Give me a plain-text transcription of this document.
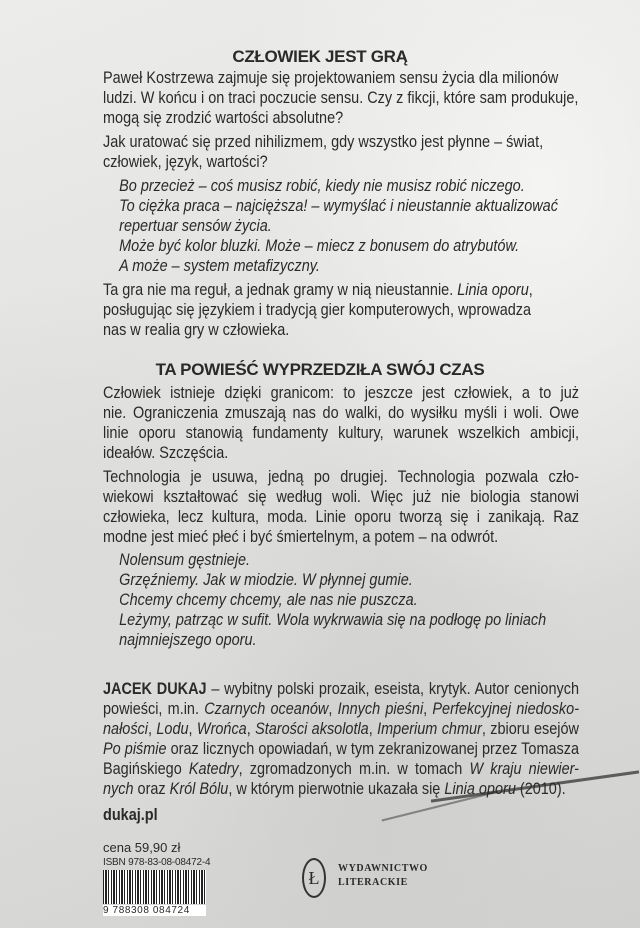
CZŁOWIEK JEST GRĄ
Paweł Kostrzewa zajmuje się projektowaniem sensu życia dla milionów
ludzi. W końcu i on traci poczucie sensu. Czy z fikcji, które sam produkuje,
mogą się zrodzić wartości absolutne?
Jak uratować się przed nihilizmem, gdy wszystko jest płynne – świat,
człowiek, język, wartości?
Bo przecież – coś musisz robić, kiedy nie musisz robić niczego.
To ciężka praca – najcięższa! – wymyślać i nieustannie aktualizować
repertuar sensów życia.
Może być kolor bluzki. Może – miecz z bonusem do atrybutów.
A może – system metafizyczny.
Ta gra nie ma reguł, a jednak gramy w nią nieustannie. Linia oporu,
posługując się językiem i tradycją gier komputerowych, wprowadza
nas w realia gry w człowieka.
TA POWIEŚĆ WYPRZEDZIŁA SWÓJ CZAS
Człowiek istnieje dzięki granicom: to jeszcze jest człowiek, a to już
nie. Ograniczenia zmuszają nas do walki, do wysiłku myśli i woli. Owe
linie oporu stanowią fundamenty kultury, warunek wszelkich ambicji,
ideałów. Szczęścia.
Technologia je usuwa, jedną po drugiej. Technologia pozwala czło-
wiekowi kształtować się według woli. Więc już nie biologia stanowi
człowieka, lecz kultura, moda. Linie oporu tworzą się i zanikają. Raz
modne jest mieć płeć i być śmiertelnym, a potem – na odwrót.
Nolensum gęstnieje.
Grzęźniemy. Jak w miodzie. W płynnej gumie.
Chcemy chcemy chcemy, ale nas nie puszcza.
Leżymy, patrząc w sufit. Wola wykrwawia się na podłogę po liniach
najmniejszego oporu.
JACEK DUKAJ – wybitny polski prozaik, eseista, krytyk. Autor cenionych
powieści, m.in. Czarnych oceanów, Innych pieśni, Perfekcyjnej niedosko-
nałości, Lodu, Wrońca, Starości aksolotla, Imperium chmur, zbioru esejów
Po piśmie oraz licznych opowiadań, w tym zekranizowanej przez Tomasza
Bagińskiego Katedry, zgromadzonych m.in. w tomach W kraju niewier-
nych oraz Król Bólu, w którym pierwotnie ukazała się Linia oporu (2010).
dukaj.pl
cena 59,90 zł
ISBN 978-83-08-08472-4
9 788308 084724
Ł	WYDAWNICTWO
LITERACKIE
